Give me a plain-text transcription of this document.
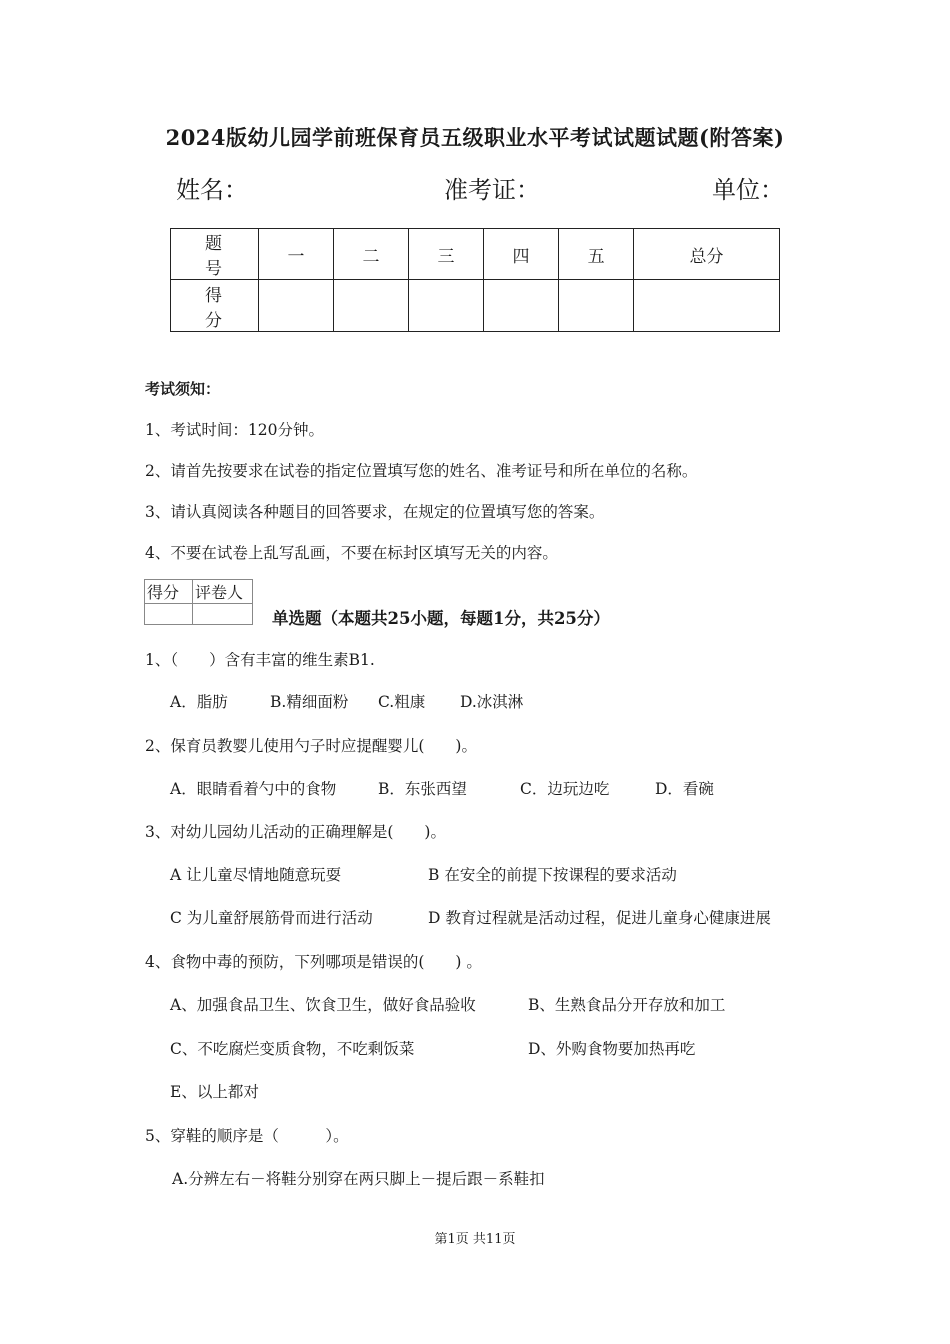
2024版幼儿园学前班保育员五级职业水平考试试题试题(附答案)
姓名：	准考证：	单位：
题 号	一	二	三	四	五	总分
得 分						
考试须知：
1、考试时间：120分钟。
2、请首先按要求在试卷的指定位置填写您的姓名、准考证号和所在单位的名称。
3、请认真阅读各种题目的回答要求，在规定的位置填写您的答案。
4、不要在试卷上乱写乱画，不要在标封区填写无关的内容。
得分	评卷人

单选题（本题共25小题，每题1分，共25分）
1、（　　）含有丰富的维生素B1.
A．脂肪	B.精细面粉 C.粗康 D.冰淇淋
2、保育员教婴儿使用勺子时应提醒婴儿(　　)。
A．眼睛看着勺中的食物	B．东张西望	C．边玩边吃	D．看碗
3、对幼儿园幼儿活动的正确理解是(　　)。
A 让儿童尽情地随意玩耍	B 在安全的前提下按课程的要求活动
C 为儿童舒展筋骨而进行活动	D 教育过程就是活动过程，促进儿童身心健康进展
4、食物中毒的预防，下列哪项是错误的(　　) 。
A、加强食品卫生、饮食卫生，做好食品验收	B、生熟食品分开存放和加工
C、不吃腐烂变质食物，不吃剩饭菜	D、外购食物要加热再吃
E、以上都对
5、穿鞋的顺序是（　　　）。
A.分辨左右－将鞋分别穿在两只脚上－提后跟－系鞋扣
第1页 共11页
